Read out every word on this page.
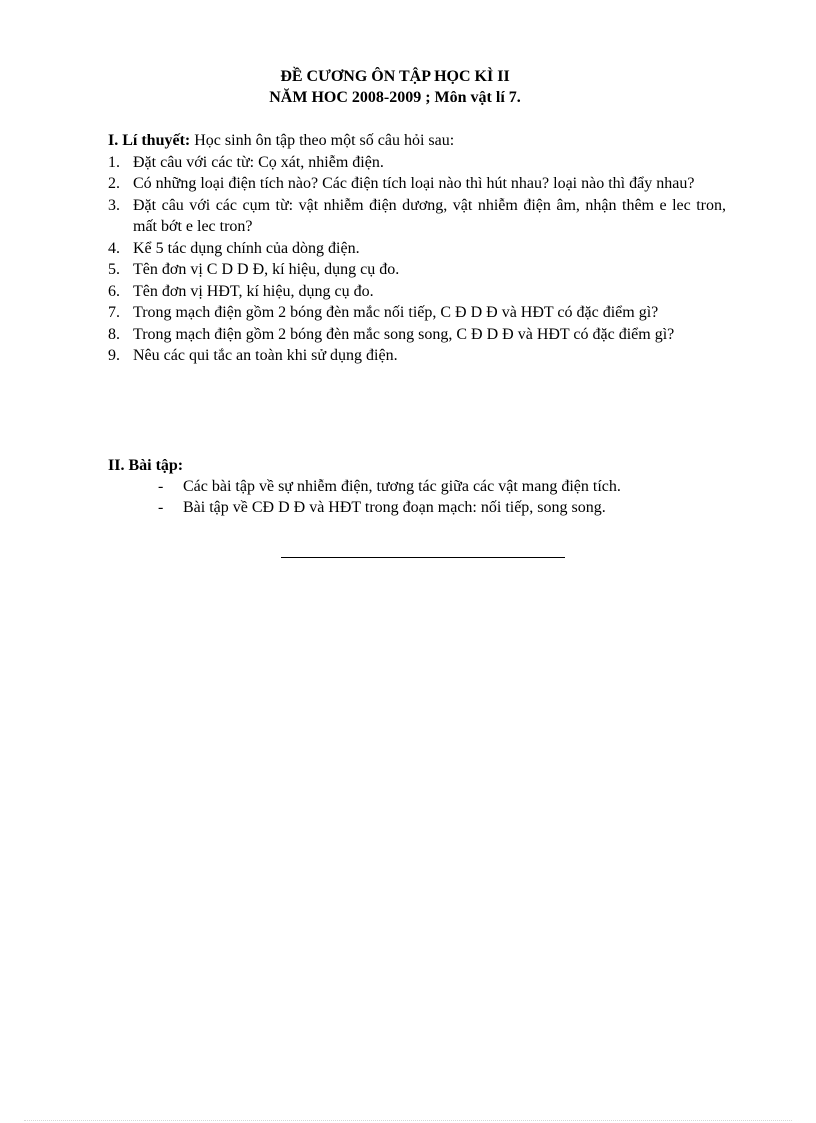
ĐỀ CƯƠNG ÔN TẬP HỌC KÌ II
NĂM HOC 2008-2009 ; Môn vật lí 7.
I. Lí thuyết: Học sinh ôn tập theo một số câu hỏi sau:
1. Đặt câu với các từ: Cọ xát, nhiễm điện.
2. Có những loại điện tích nào? Các điện tích loại nào thì hút nhau? loại nào thì đẩy nhau?
3. Đặt câu với các cụm từ: vật nhiễm điện dương, vật nhiễm điện âm, nhận thêm e lec tron, mất bớt e lec tron?
4. Kể 5 tác dụng chính của dòng điện.
5. Tên đơn vị C D D Đ, kí hiệu, dụng cụ đo.
6. Tên đơn vị HĐT, kí hiệu, dụng cụ đo.
7. Trong mạch điện gồm 2 bóng đèn mắc nối tiếp, C Đ D Đ và HĐT có đặc điểm gì?
8. Trong mạch điện gồm 2 bóng đèn mắc song song, C Đ D Đ và HĐT có đặc điểm gì?
9. Nêu các qui tắc an toàn khi sử dụng điện.
II. Bài tập:
- Các bài tập về sự nhiễm điện, tương tác giữa các vật mang điện tích.
- Bài tập về CĐ D Đ và HĐT trong đoạn mạch: nối tiếp, song song.
